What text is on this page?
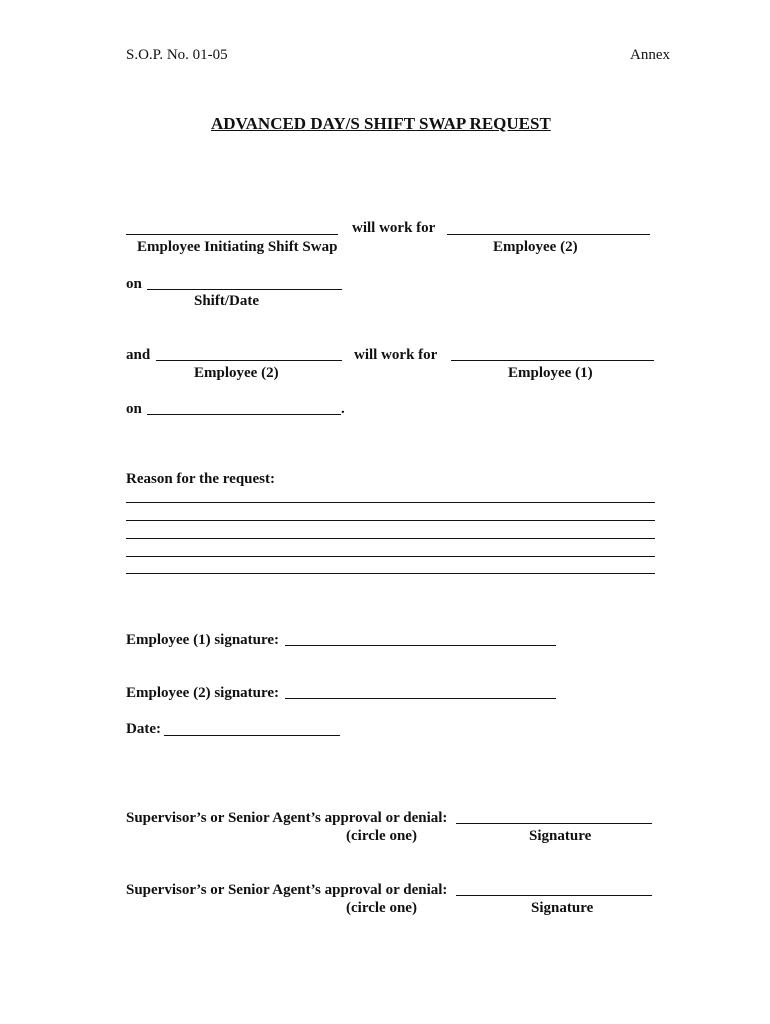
S.O.P. No. 01-05	Annex
ADVANCED DAY/S SHIFT SWAP REQUEST
will work for
Employee Initiating Shift Swap	Employee (2)
on
Shift/Date
and	will work for
Employee (2)	Employee (1)
on	.
Reason for the request:
Employee (1) signature:
Employee (2) signature:
Date:
Supervisor’s or Senior Agent’s approval or denial:
(circle one)	Signature
Supervisor’s or Senior Agent’s approval or denial:
(circle one)	Signature
